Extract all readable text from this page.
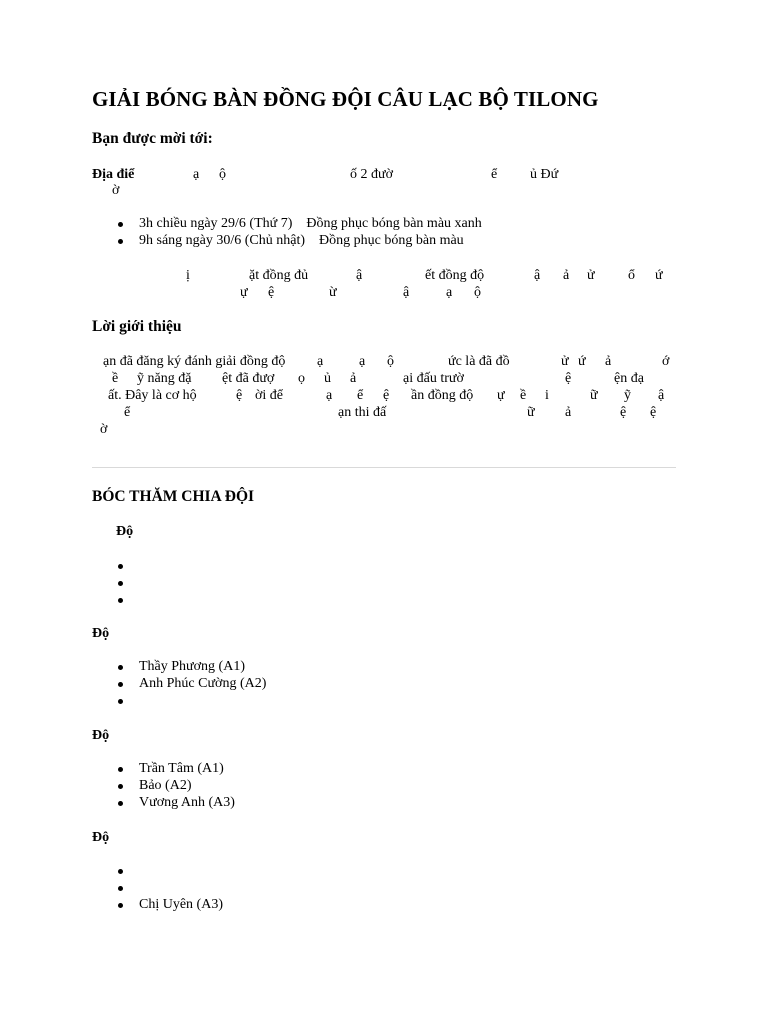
GIẢI BÓNG BÀN ĐỒNG ĐỘI CÂU LẠC BỘ TILONG
Bạn được mời tới:
Địa điể	ạ ộ	ố 2 đườ	ể ủ Đứ
ờ
3h chiều ngày 29/6 (Thứ 7)    Đồng phục bóng bàn màu xanh
9h sáng ngày 30/6 (Chủ nhật)    Đồng phục bóng bàn màu
ị	ặt đồng đủ	ậ	ết đồng độ	ậ ả ử ổ ứ
ự ệ	ừ	ậ	ạ ộ
Lời giới thiệu
ạn đã đăng ký đánh giải đồng độ ạ	ạ ộ	ức là đã đồ	ử ứ ả	ớ
ề ỹ năng đặ ệt đã đượ ọ ủ ả	ại đấu trườ	ệ	ện đạ
ất. Đây là cơ hộ	ệ ời để	ạ ể ệ ần đồng độ ự ề i	ữ ỹ ậ
ể	ạn thi đấ	ữ ả	ệ ệ
ờ
BÓC THĂM CHIA ĐỘI
Độ
Độ
Thầy Phương (A1)
Anh Phúc Cường (A2)
Độ
Trần Tâm (A1)
Bảo (A2)
Vương Anh (A3)
Độ
Chị Uyên (A3)
